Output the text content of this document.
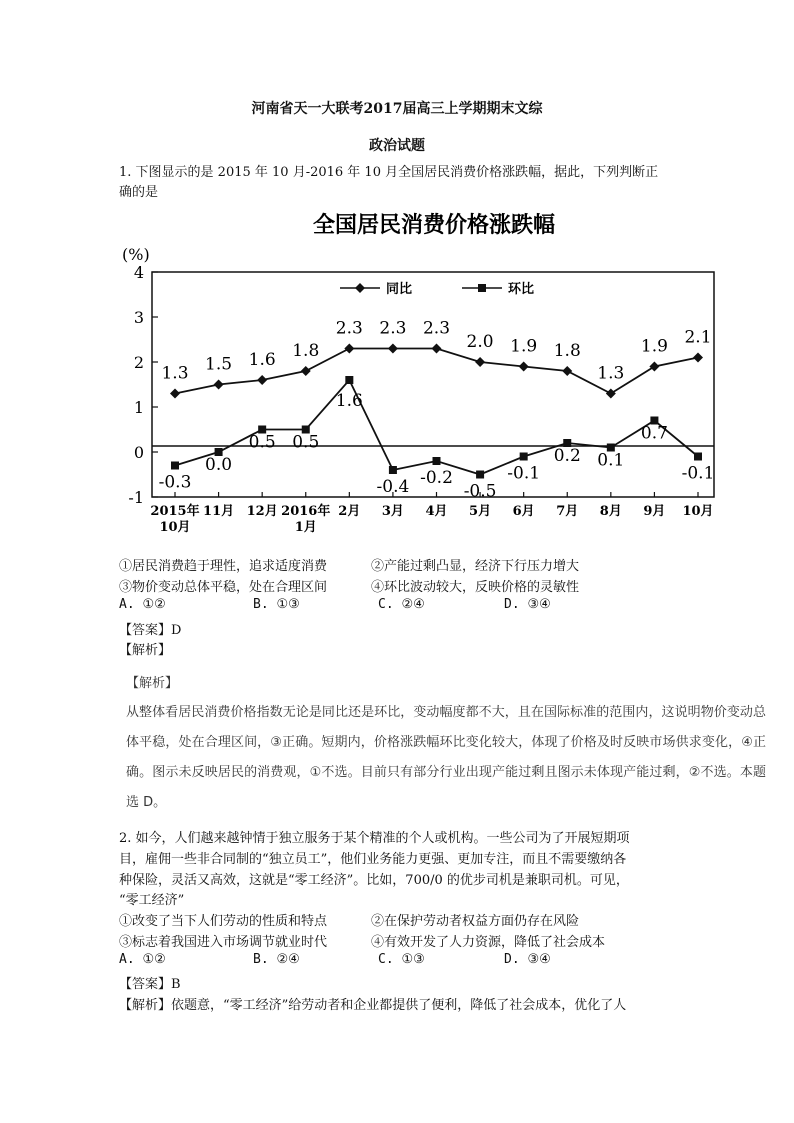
河南省天一大联考2017届高三上学期期末文综
政治试题
1. 下图显示的是 2015 年 10 月-2016 年 10 月全国居民消费价格涨跌幅，据此，下列判断正
确的是
全国居民消费价格涨跌幅
(%)
同比	环比
4
3
2
1
0
-1
2015年 10月
11月 12月 2016年 1月
2月 3月 4月 5月 6月 7月 8月 9月 10月
1.3 1.5 1.6 1.8
2.3 2.3 2.3
2.0 1.9 1.8
1.3
1.9 2.1
-0.3
0.0
0.5 0.5
1.6
-0.4 -0.2
-0.5
-0.1
0.2 0.1
0.7
-0.1
①居民消费趋于理性，追求适度消费	②产能过剩凸显，经济下行压力增大
③物价变动总体平稳，处在合理区间	④环比波动较大，反映价格的灵敏性
A. ①②	B. ①③	C. ②④	D. ③④
【答案】D
【解析】
【解析】
从整体看居民消费价格指数无论是同比还是环比，变动幅度都不大，且在国际标准的范围内，这说明物价变动总体平稳，处在合理区间，③正确。短期内，价格涨跌幅环比变化较大，体现了价格及时反映市场供求变化，④正确。图示未反映居民的消费观，①不选。目前只有部分行业出现产能过剩且图示未体现产能过剩，②不选。本题选 D。
2. 如今，人们越来越钟情于独立服务于某个精准的个人或机构。一些公司为了开展短期项
目，雇佣一些非合同制的“独立员工”，他们业务能力更强、更加专注，而且不需要缴纳各
种保险，灵活又高效，这就是“零工经济”。比如，700/0 的优步司机是兼职司机。可见，
“零工经济”
①改变了当下人们劳动的性质和特点	②在保护劳动者权益方面仍存在风险
③标志着我国进入市场调节就业时代	④有效开发了人力资源，降低了社会成本
A. ①②	B. ②④	C. ①③	D. ③④
【答案】B
【解析】依题意，“零工经济”给劳动者和企业都提供了便利，降低了社会成本，优化了人
